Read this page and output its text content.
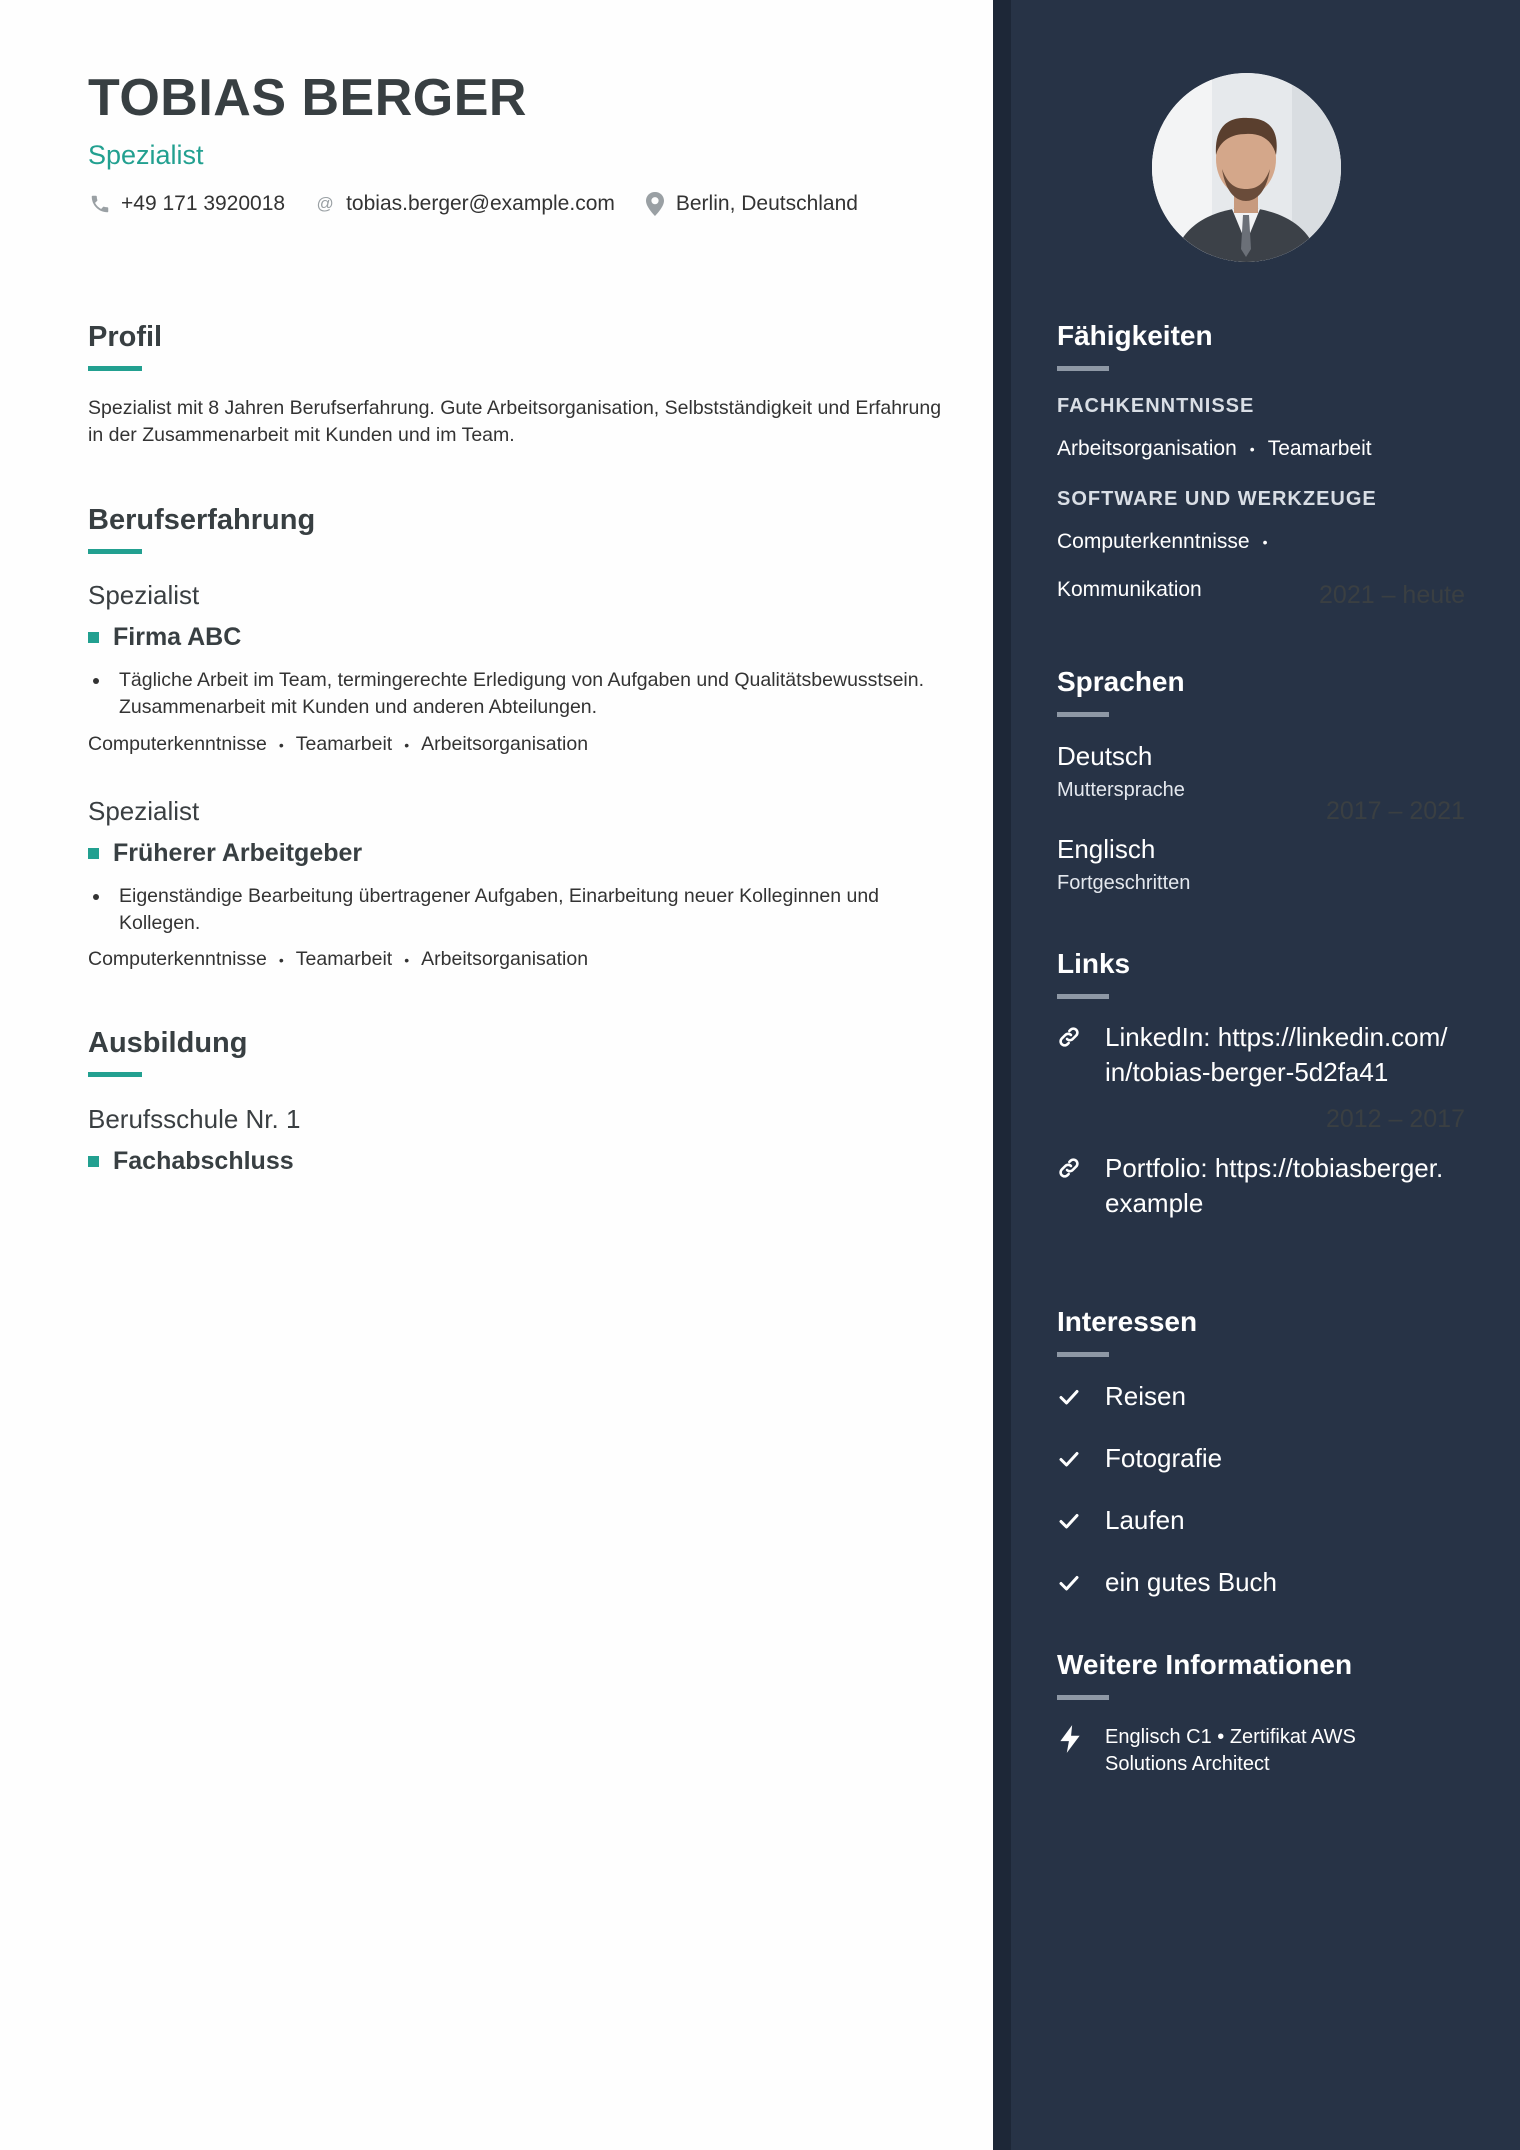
TOBIAS BERGER
Spezialist
+49 171 3920018 @ tobias.berger@example.com	Berlin, Deutschland
Profil
Spezialist mit 8 Jahren Berufserfahrung. Gute Arbeitsorganisation, Selbstständigkeit und Erfahrung in der Zusammenarbeit mit Kunden und im Team.
Berufserfahrung
Spezialist	2021 – heute
Firma ABC
Tägliche Arbeit im Team, termingerechte Erledigung von Aufgaben und Qualitätsbewusstsein. Zusammenarbeit mit Kunden und anderen Abteilungen.
Computerkenntnisse • Teamarbeit • Arbeitsorganisation
Spezialist	2017 – 2021
Früherer Arbeitgeber
Eigenständige Bearbeitung übertragener Aufgaben, Einarbeitung neuer Kolleginnen und Kollegen.
Computerkenntnisse • Teamarbeit • Arbeitsorganisation
Ausbildung
Berufsschule Nr. 1	2012 – 2017
Fachabschluss
Fähigkeiten
FACHKENNTNISSE
Arbeitsorganisation • Teamarbeit
SOFTWARE UND WERKZEUGE
Computerkenntnisse •
Kommunikation
Sprachen
Deutsch
Muttersprache
Englisch
Fortgeschritten
Links
LinkedIn: https://linkedin.com/in/tobias-berger-5d2fa41
Portfolio: https://tobiasberger.example
Interessen
Reisen
Fotografie
Laufen
ein gutes Buch
Weitere Informationen
Englisch C1 • Zertifikat AWS Solutions Architect
